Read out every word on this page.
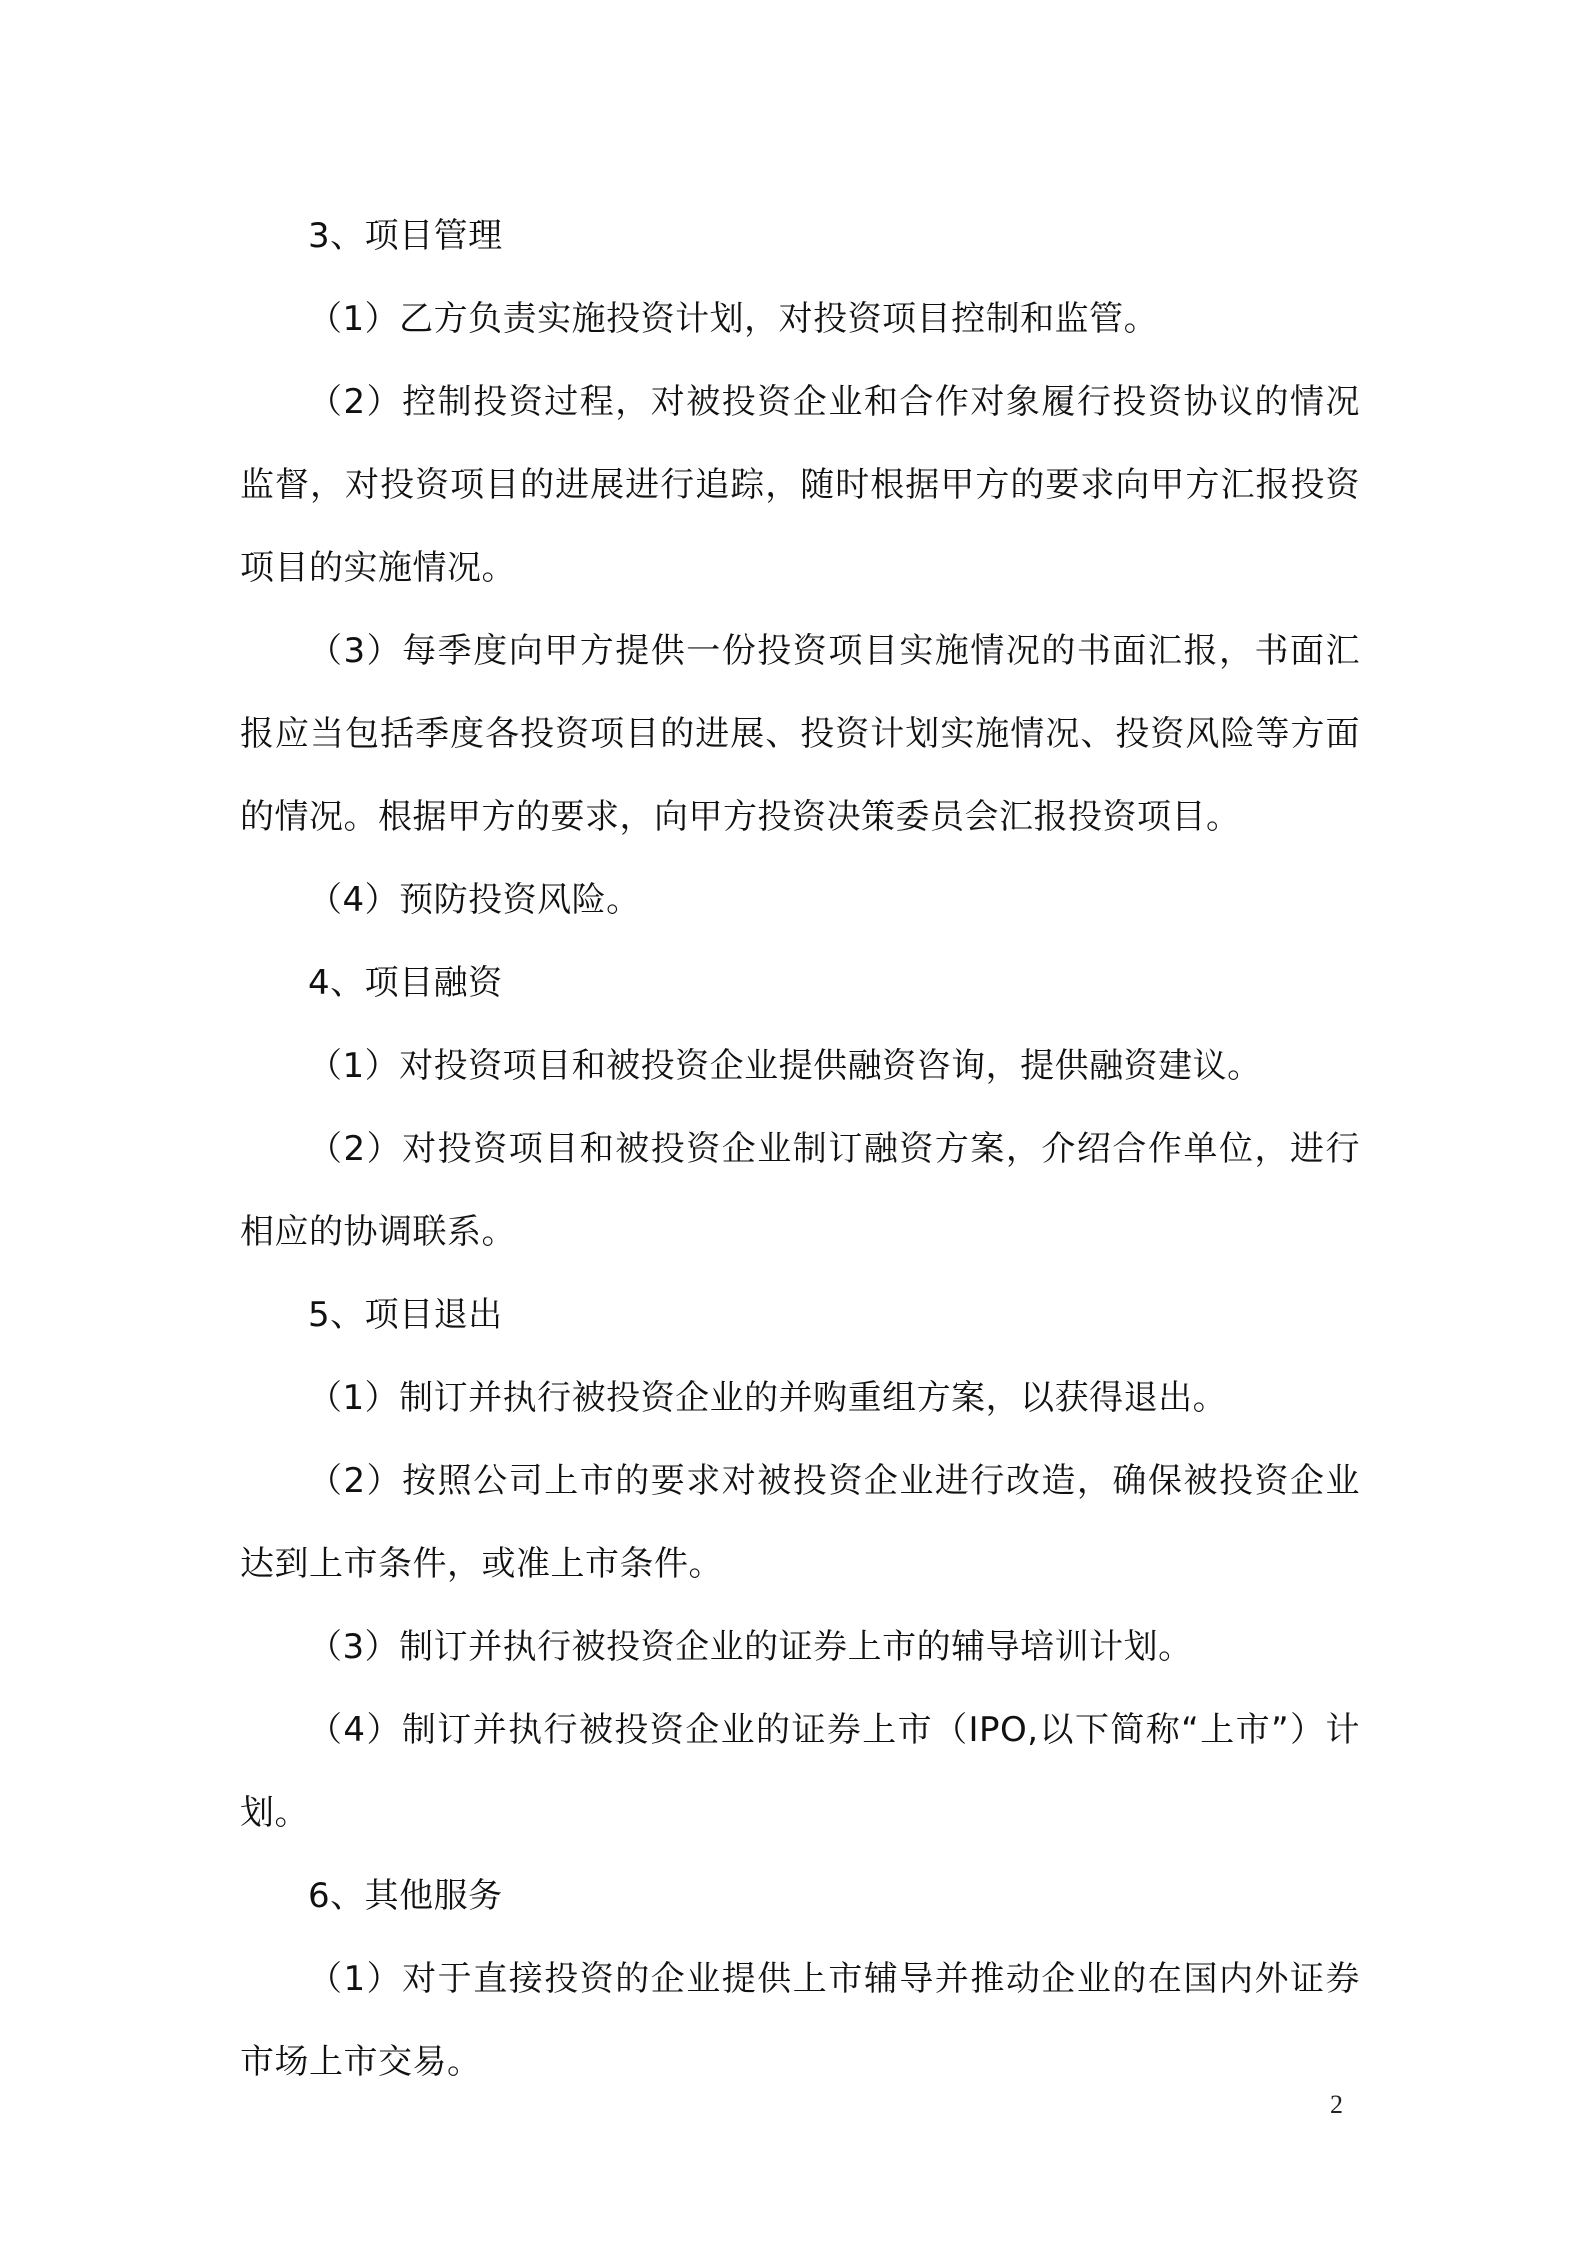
3、项目管理

（1）乙方负责实施投资计划，对投资项目控制和监管。

（2）控制投资过程，对被投资企业和合作对象履行投资协议的情况监督，对投资项目的进展进行追踪，随时根据甲方的要求向甲方汇报投资项目的实施情况。

（3）每季度向甲方提供一份投资项目实施情况的书面汇报，书面汇报应当包括季度各投资项目的进展、投资计划实施情况、投资风险等方面的情况。根据甲方的要求，向甲方投资决策委员会汇报投资项目。

（4）预防投资风险。

4、项目融资

（1）对投资项目和被投资企业提供融资咨询，提供融资建议。

（2）对投资项目和被投资企业制订融资方案，介绍合作单位，进行相应的协调联系。

5、项目退出

（1）制订并执行被投资企业的并购重组方案，以获得退出。

（2）按照公司上市的要求对被投资企业进行改造，确保被投资企业达到上市条件，或准上市条件。

（3）制订并执行被投资企业的证券上市的辅导培训计划。

（4）制订并执行被投资企业的证券上市（IPO,以下简称“上市”）计划。

6、其他服务

（1）对于直接投资的企业提供上市辅导并推动企业的在国内外证券市场上市交易。

2
